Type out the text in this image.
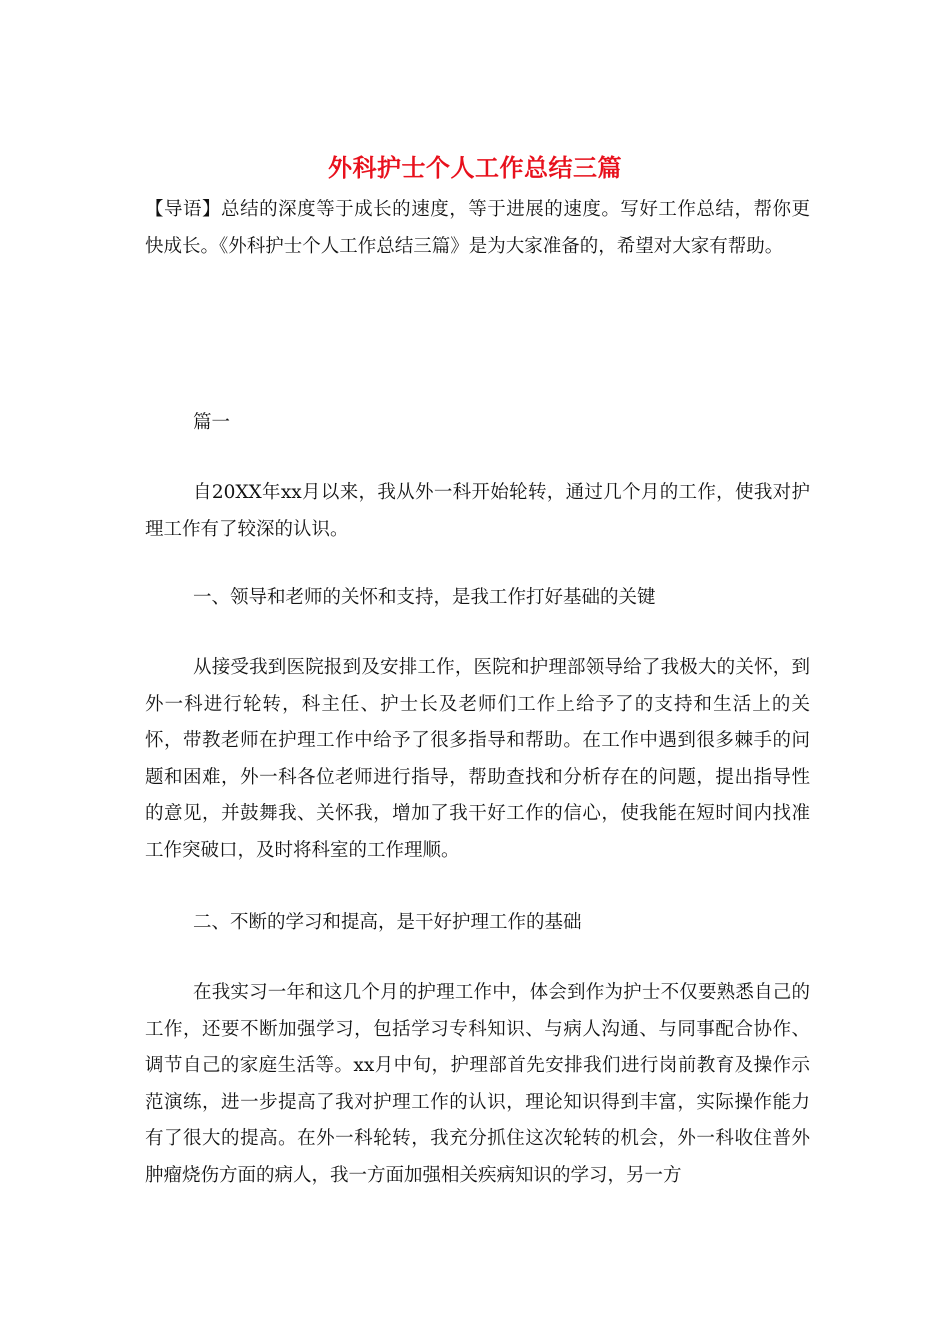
外科护士个人工作总结三篇
【导语】总结的深度等于成长的速度，等于进展的速度。写好工作总结，帮你更快成长。《外科护士个人工作总结三篇》是为大家准备的，希望对大家有帮助。
篇一
自20XX年xx月以来，我从外一科开始轮转，通过几个月的工作，使我对护理工作有了较深的认识。
一、领导和老师的关怀和支持，是我工作打好基础的关键
从接受我到医院报到及安排工作，医院和护理部领导给了我极大的关怀，到外一科进行轮转，科主任、护士长及老师们工作上给予了的支持和生活上的关怀，带教老师在护理工作中给予了很多指导和帮助。在工作中遇到很多棘手的问题和困难，外一科各位老师进行指导，帮助查找和分析存在的问题，提出指导性的意见，并鼓舞我、关怀我，增加了我干好工作的信心，使我能在短时间内找准工作突破口，及时将科室的工作理顺。
二、不断的学习和提高，是干好护理工作的基础
在我实习一年和这几个月的护理工作中，体会到作为护士不仅要熟悉自己的工作，还要不断加强学习，包括学习专科知识、与病人沟通、与同事配合协作、调节自己的家庭生活等。xx月中旬，护理部首先安排我们进行岗前教育及操作示范演练，进一步提高了我对护理工作的认识，理论知识得到丰富，实际操作能力有了很大的提高。在外一科轮转，我充分抓住这次轮转的机会，外一科收住普外肿瘤烧伤方面的病人，我一方面加强相关疾病知识的学习，另一方
